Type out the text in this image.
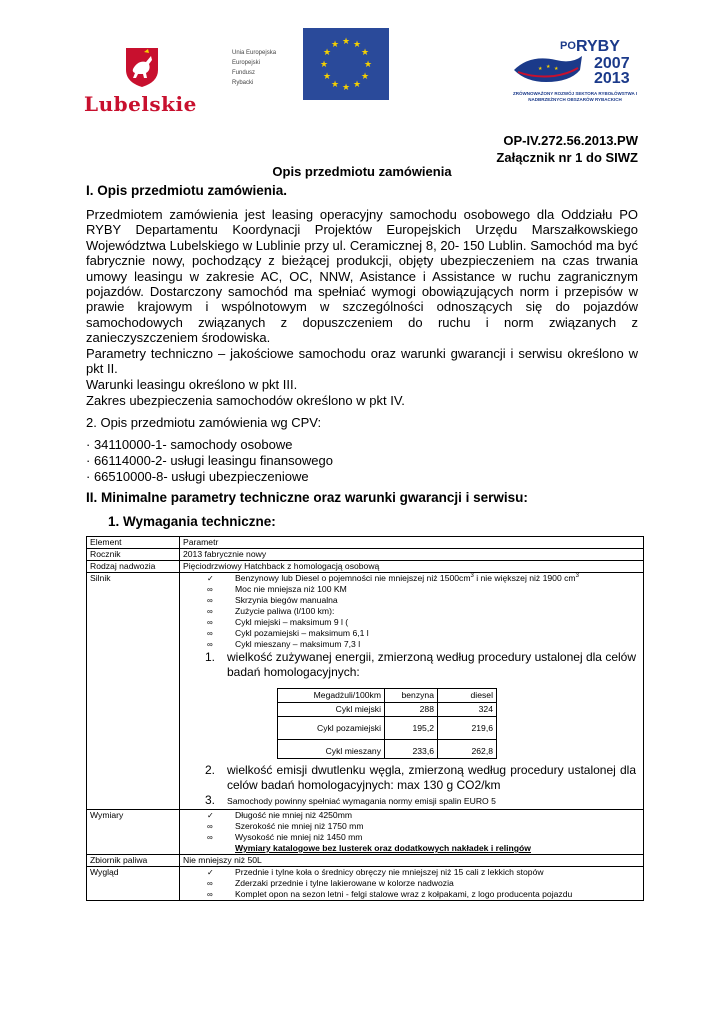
Lubelskie
Unia Europejska
Europejski
Fundusz
Rybacki
★ ★
★
★
★
★
★
★
★
★
★
★
★ ★ ★
PO RYBY
2007
2013
ZRÓWNOWAŻONY ROZWÓJ SEKTORA RYBOŁÓWSTWA I NADBRZEŻNYCH OBSZARÓW RYBACKICH
OP-IV.272.56.2013.PW
Załącznik nr 1 do SIWZ
Opis przedmiotu zamówienia
I. Opis przedmiotu zamówienia.
Przedmiotem zamówienia jest leasing operacyjny samochodu osobowego dla Oddziału PO RYBY Departamentu Koordynacji Projektów Europejskich Urzędu Marszałkowskiego Województwa Lubelskiego w Lublinie przy ul. Ceramicznej 8, 20- 150 Lublin. Samochód ma być fabrycznie nowy, pochodzący z bieżącej produkcji, objęty ubezpieczeniem na czas trwania umowy leasingu w zakresie AC, OC, NNW, Asistance i Assistance w ruchu zagranicznym pojazdów. Dostarczony samochód ma spełniać wymogi obowiązujących norm i przepisów w prawie krajowym i wspólnotowym w szczególności odnoszących się do pojazdów samochodowych związanych z dopuszczeniem do ruchu i norm związanych z zanieczyszczeniem środowiska.
Parametry techniczno – jakościowe samochodu oraz warunki gwarancji i serwisu określono w pkt II.
Warunki leasingu określono w pkt III.
Zakres ubezpieczenia samochodów określono w pkt IV.
2. Opis przedmiotu zamówienia wg CPV:
· 34110000-1- samochody osobowe
· 66114000-2- usługi leasingu finansowego
· 66510000-8- usługi ubezpieczeniowe
II. Minimalne parametry techniczne oraz warunki gwarancji i serwisu:
1. Wymagania techniczne:
Element	Parametr
Rocznik	2013 fabrycznie nowy
Rodzaj nadwozia	Pięciodrzwiowy Hatchback z homologacją osobową
Silnik	✓ Benzynowy lub Diesel o pojemności nie mniejszej niż $1500cm^3$ i nie większej niż 1900 $cm^3$
∞	Moc nie mniejsza niż 100 KM
∞	Skrzynia biegów manualna
∞	Zużycie paliwa (l/100 km):
∞	Cykl miejski – maksimum 9 l (
∞	Cykl pozamiejski – maksimum 6,1 l
∞	Cykl mieszany – maksimum 7,3 l
1. wielkość zużywanej energii, zmierzoną według procedury ustalonej dla celów badań homologacyjnych:
Megadżuli/100km	benzyna	diesel
Cykl miejski	288	324
Cykl pozamiejski	195,2	219,6
Cykl mieszany	233,6	262,8
2. wielkość emisji dwutlenku węgla, zmierzoną według procedury ustalonej dla celów badań homologacyjnych: max 130 g CO2/km
3. Samochody powinny spełniać wymagania normy emisji spalin EURO 5

Wymiary	✓ Długość nie mniej niż 4250mm
∞	Szerokość nie mniej niż 1750 mm
∞	Wysokość nie mniej niż 1450 mm
Wymiary katalogowe bez lusterek oraz dodatkowych nakładek i relingów

Zbiornik paliwa	Nie mniejszy niż 50L
Wygląd	✓ Przednie i tylne koła o średnicy obręczy nie mniejszej niż 15 cali z lekkich stopów
∞	Zderzaki przednie i tylne lakierowane w kolorze nadwozia
∞	Komplet opon na sezon letni - felgi stalowe wraz z kołpakami, z logo producenta pojazdu
